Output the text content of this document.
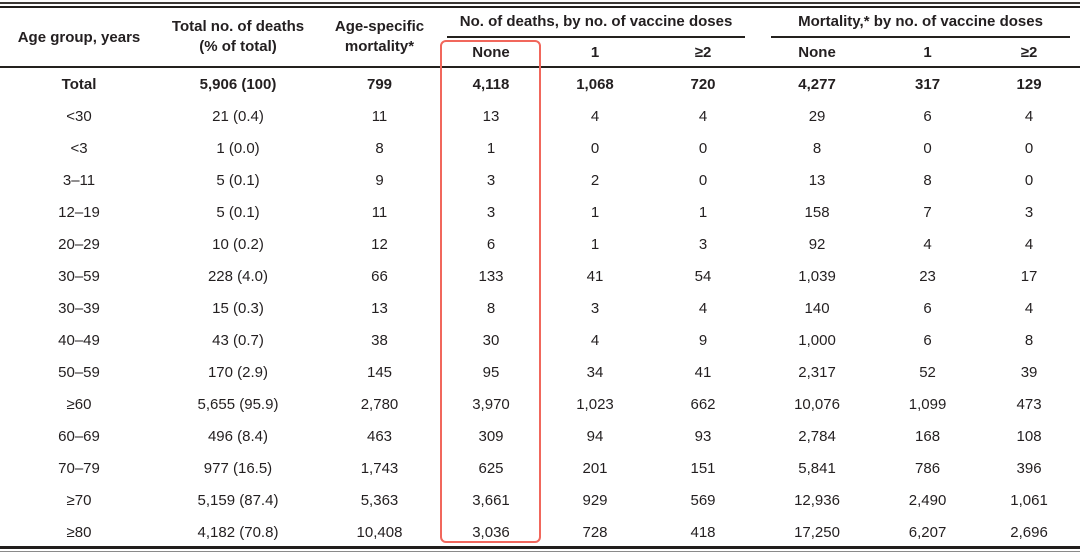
Age group, years	
Total no. of deaths
(% of total)

Age-specific
mortality*

No. of deaths, by no. of vaccine doses	Mortality,* by no. of vaccine doses

			None	1	≥2	None	1	≥2
Total	5,906 (100)	799	4,118	1,068	720	4,277	317	129
<30	21 (0.4)	11	13	4	4	29	6	4
<3	1 (0.0)	8	1	0	0	8	0	0
3–11	5 (0.1)	9	3	2	0	13	8	0
12–19	5 (0.1)	11	3	1	1	158	7	3
20–29	10 (0.2)	12	6	1	3	92	4	4
30–59	228 (4.0)	66	133	41	54	1,039	23	17
30–39	15 (0.3)	13	8	3	4	140	6	4
40–49	43 (0.7)	38	30	4	9	1,000	6	8
50–59	170 (2.9)	145	95	34	41	2,317	52	39
≥60	5,655 (95.9)	2,780	3,970	1,023	662	10,076	1,099	473
60–69	496 (8.4)	463	309	94	93	2,784	168	108
70–79	977 (16.5)	1,743	625	201	151	5,841	786	396
≥70	5,159 (87.4)	5,363	3,661	929	569	12,936	2,490	1,061
≥80	4,182 (70.8)	10,408	3,036	728	418	17,250	6,207	2,696
